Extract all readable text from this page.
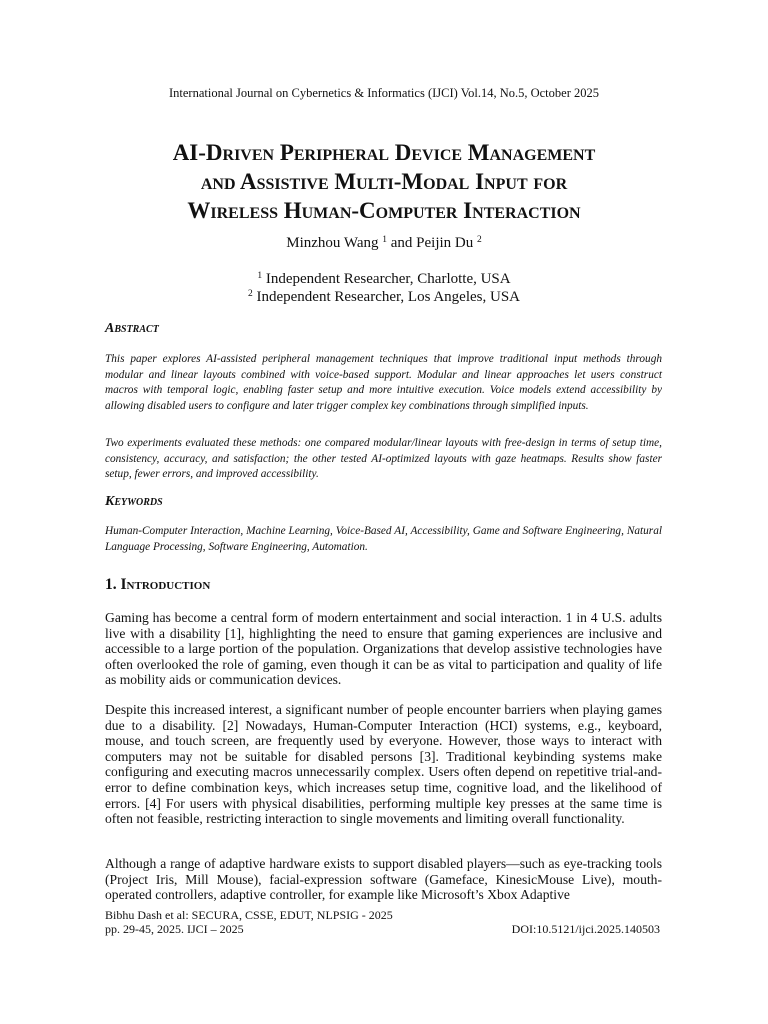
International Journal on Cybernetics & Informatics (IJCI) Vol.14, No.5, October 2025
AI-Driven Peripheral Device Management
and Assistive Multi-Modal Input for
Wireless Human-Computer Interaction
Minzhou Wang $^1$ and Peijin Du $^2$
$^1$ Independent Researcher, Charlotte, USA
$^2$ Independent Researcher, Los Angeles, USA
Abstract
This paper explores AI-assisted peripheral management techniques that improve traditional input methods through modular and linear layouts combined with voice-based support. Modular and linear approaches let users construct macros with temporal logic, enabling faster setup and more intuitive execution. Voice models extend accessibility by allowing disabled users to configure and later trigger complex key combinations through simplified inputs.
Two experiments evaluated these methods: one compared modular/linear layouts with free-design in terms of setup time, consistency, accuracy, and satisfaction; the other tested AI-optimized layouts with gaze heatmaps. Results show faster setup, fewer errors, and improved accessibility.
Keywords
Human-Computer Interaction, Machine Learning, Voice-Based AI, Accessibility, Game and Software Engineering, Natural Language Processing, Software Engineering, Automation.
1. Introduction
Gaming has become a central form of modern entertainment and social interaction. 1 in 4 U.S. adults live with a disability [1], highlighting the need to ensure that gaming experiences are inclusive and accessible to a large portion of the population. Organizations that develop assistive technologies have often overlooked the role of gaming, even though it can be as vital to participation and quality of life as mobility aids or communication devices.
Despite this increased interest, a significant number of people encounter barriers when playing games due to a disability. [2] Nowadays, Human-Computer Interaction (HCI) systems, e.g., keyboard, mouse, and touch screen, are frequently used by everyone. However, those ways to interact with computers may not be suitable for disabled persons [3]. Traditional keybinding systems make configuring and executing macros unnecessarily complex. Users often depend on repetitive trial-and-error to define combination keys, which increases setup time, cognitive load, and the likelihood of errors. [4] For users with physical disabilities, performing multiple key presses at the same time is often not feasible, restricting interaction to single movements and limiting overall functionality.
Although a range of adaptive hardware exists to support disabled players—such as eye-tracking tools (Project Iris, Mill Mouse), facial-expression software (Gameface, KinesicMouse Live), mouth-operated controllers, adaptive controller, for example like Microsoft’s Xbox Adaptive
Bibhu Dash et al: SECURA, CSSE, EDUT, NLPSIG - 2025
pp. 29-45, 2025. IJCI – 2025	DOI:10.5121/ijci.2025.140503
